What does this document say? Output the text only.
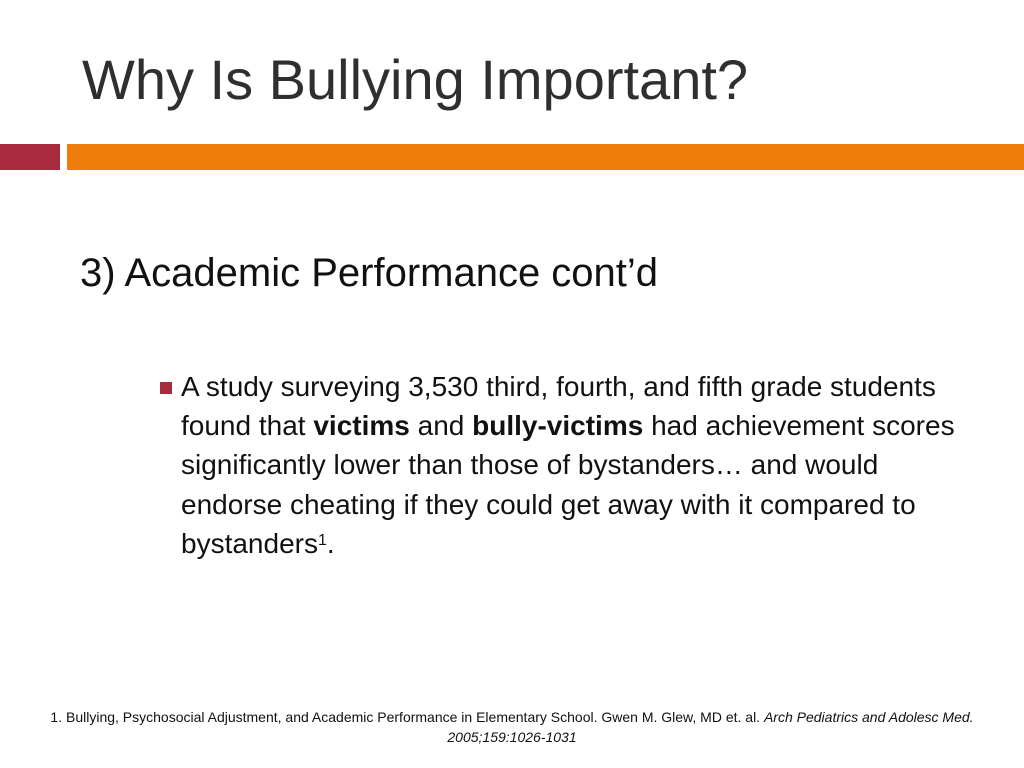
Why Is Bullying Important?
3) Academic Performance cont’d

A study surveying 3,530 third, fourth, and fifth grade students found that victims and bully-victims had achievement scores significantly lower than those of bystanders… and would endorse cheating if they could get away with it compared to bystanders$^1$.

1. Bullying, Psychosocial Adjustment, and Academic Performance in Elementary School. Gwen M. Glew, MD et. al. Arch Pediatrics and Adolesc Med. 2005;159:1026-1031
